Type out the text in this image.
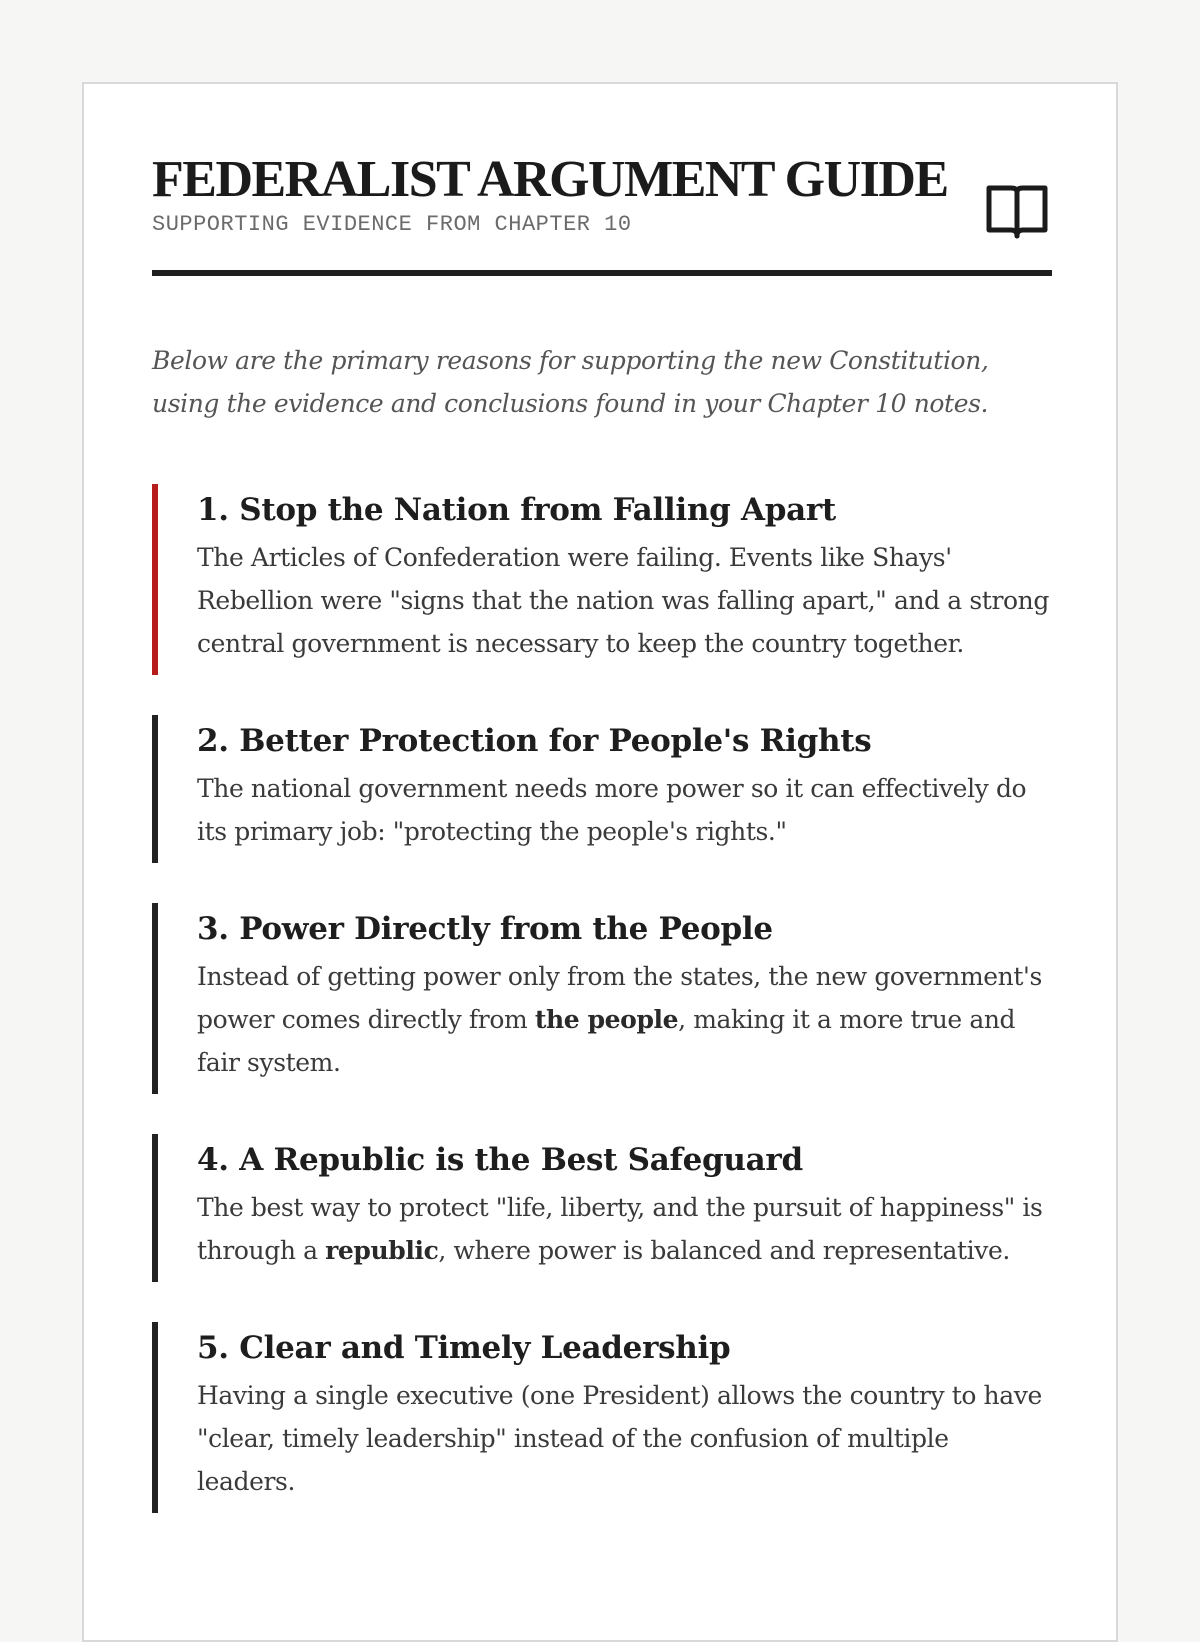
FEDERALIST ARGUMENT GUIDE
SUPPORTING EVIDENCE FROM CHAPTER 10

Below are the primary reasons for supporting the new Constitution, using the evidence and conclusions found in your Chapter 10 notes.

1. Stop the Nation from Falling Apart

The Articles of Confederation were failing. Events like Shays' Rebellion were "signs that the nation was falling apart," and a strong central government is necessary to keep the country together.

2. Better Protection for People's Rights

The national government needs more power so it can effectively do its primary job: "protecting the people's rights."

3. Power Directly from the People

Instead of getting power only from the states, the new government's power comes directly from the people, making it a more true and fair system.

4. A Republic is the Best Safeguard

The best way to protect "life, liberty, and the pursuit of happiness" is through a republic, where power is balanced and representative.

5. Clear and Timely Leadership

Having a single executive (one President) allows the country to have "clear, timely leadership" instead of the confusion of multiple leaders.
